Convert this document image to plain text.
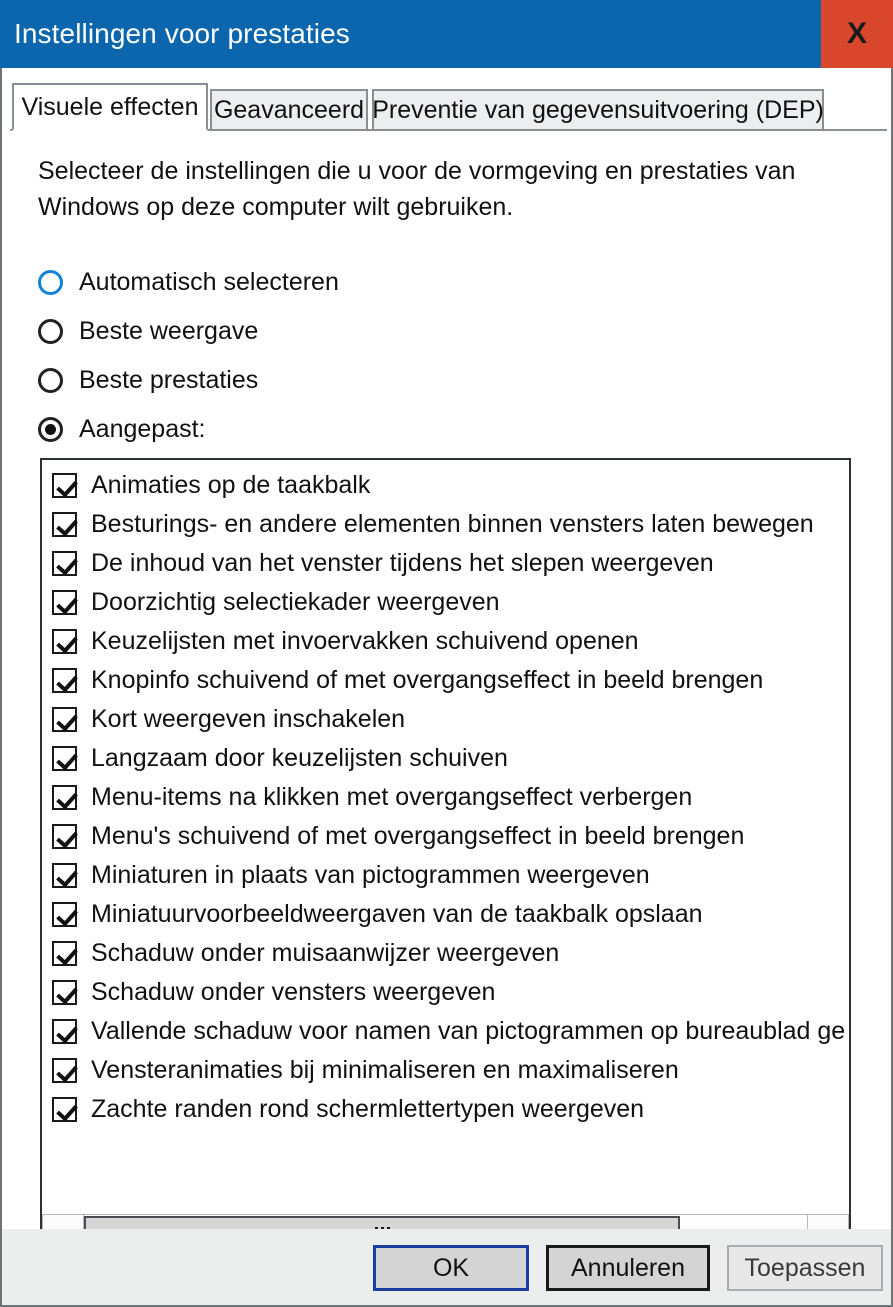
Instellingen voor prestaties	X
Visuele effecten Geavanceerd Preventie van gegevensuitvoering (DEP)
Selecteer de instellingen die u voor de vormgeving en prestaties van Windows op deze computer wilt gebruiken.
Automatisch selecteren
Beste weergave
Beste prestaties
Aangepast:
Animaties op de taakbalk
Besturings- en andere elementen binnen vensters laten bewegen
De inhoud van het venster tijdens het slepen weergeven
Doorzichtig selectiekader weergeven
Keuzelijsten met invoervakken schuivend openen
Knopinfo schuivend of met overgangseffect in beeld brengen
Kort weergeven inschakelen
Langzaam door keuzelijsten schuiven
Menu-items na klikken met overgangseffect verbergen
Menu's schuivend of met overgangseffect in beeld brengen
Miniaturen in plaats van pictogrammen weergeven
Miniatuurvoorbeeldweergaven van de taakbalk opslaan
Schaduw onder muisaanwijzer weergeven
Schaduw onder vensters weergeven
Vallende schaduw voor namen van pictogrammen op bureaublad ge
Vensteranimaties bij minimaliseren en maximaliseren
Zachte randen rond schermlettertypen weergeven
OK	Annuleren	Toepassen
